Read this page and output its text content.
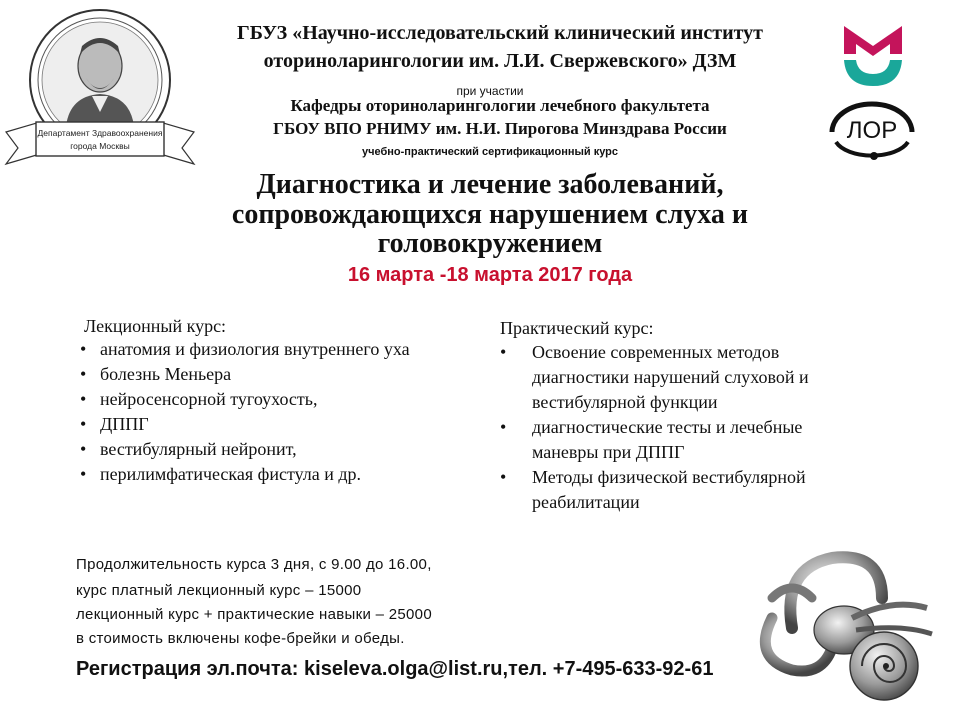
Департамент Здравоохранения
города Москвы
ЛОР
ГБУЗ «Научно-исследовательский клинический институт
оториноларингологии им. Л.И. Свержевского» ДЗМ
при участии
Кафедры оториноларингологии лечебного факультета
ГБОУ ВПО РНИМУ им. Н.И. Пирогова Минздрава России
учебно-практический сертификационный курс
Диагностика и лечение заболеваний,
сопровождающихся нарушением слуха и
головокружением
16 марта -18 марта 2017 года
Лекционный курс:
• анатомия и физиология внутреннего уха
• болезнь Меньера
• нейросенсорной тугоухость,
• ДППГ
• вестибулярный нейронит,
• перилимфатическая фистула и др.
Практический курс:
• Освоение современных методов диагностики нарушений слуховой и вестибулярной функции
• диагностические тесты и лечебные маневры при ДППГ
• Методы физической вестибулярной реабилитации
Продолжительность курса 3 дня, с 9.00 до 16.00,
курс платный лекционный курс – 15000
лекционный курс + практические навыки – 25000
в стоимость включены кофе-брейки и обеды.
Регистрация эл.почта: kiseleva.olga@list.ru,тел. +7-495-633-92-61
